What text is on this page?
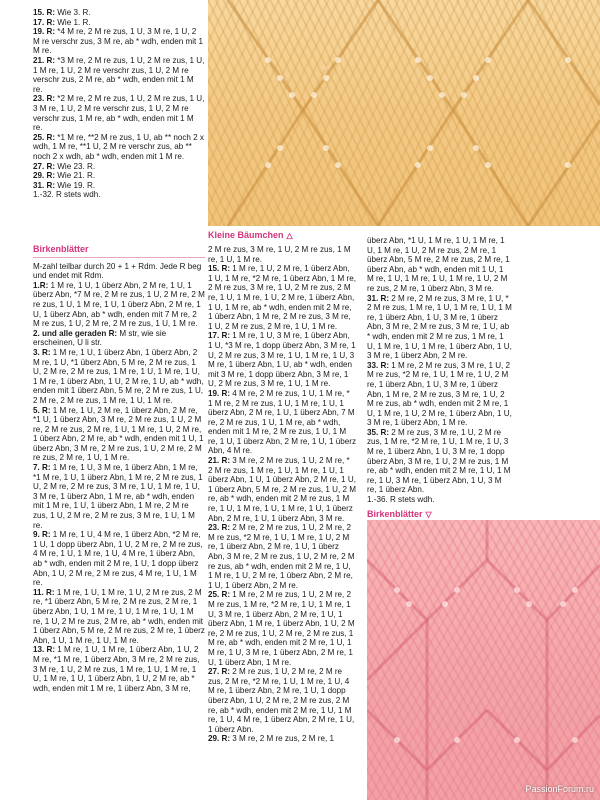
15. R: Wie 3. R.
17. R: Wie 1. R.
19. R: *4 M re, 2 M re zus, 1 U, 3 M re, 1 U, 2 M re verschr zus, 3 M re, ab * wdh, enden mit 1 M re.
21. R: *3 M re, 2 M re zus, 1 U, 2 M re zus, 1 U, 1 M re, 1 U, 2 M re verschr zus, 1 U, 2 M re verschr zus, 2 M re, ab * wdh, enden mit 1 M re.
23. R: *2 M re, 2 M re zus, 1 U, 2 M re zus, 1 U, 3 M re, 1 U, 2 M re verschr zus, 1 U, 2 M re verschr zus, 1 M re, ab * wdh, enden mit 1 M re.
25. R: *1 M re, **2 M re zus, 1 U, ab ** noch 2 x wdh, 1 M re, **1 U, 2 M re verschr zus, ab ** noch 2 x wdh, ab * wdh, enden mit 1 M re.
27. R: Wie 23. R.
29. R: Wie 21. R.
31. R: Wie 19. R.
1.-32. R stets wdh.
Birkenblätter
M-zahl teilbar durch 20 + 1 + Rdm. Jede R beg und endet mit Rdm.
1.R: 1 M re, 1 U, 1 überz Abn, 2 M re, 1 U, 1 überz Abn, *7 M re, 2 M re zus, 1 U, 2 M re, 2 M re zus, 1 U, 1 M re, 1 U, 1 überz Abn, 2 M re, 1 U, 1 überz Abn, ab * wdh, enden mit 7 M re, 2 M re zus, 1 U, 2 M re, 2 M re zus, 1 U, 1 M re.
2. und alle geraden R: M str, wie sie erscheinen, U li str.
3. R: 1 M re, 1 U, 1 überz Abn, 1 überz Abn, 2 M re, 1 U, *1 überz Abn, 5 M re, 2 M re zus, 1 U, 2 M re, 2 M re zus, 1 M re, 1 U, 1 M re, 1 U, 1 M re, 1 überz Abn, 1 U, 2 M re, 1 U, ab * wdh, enden mit 1 überz Abn, 5 M re, 2 M re zus, 1 U, 2 M re, 2 M re zus, 1 M re, 1 U, 1 M re.
5. R: 1 M re, 1 U, 2 M re, 1 überz Abn, 2 M re, *1 U, 1 überz Abn, 3 M re, 2 M re zus, 1 U, 2 M re, 2 M re zus, 2 M re, 1 U, 1 M re, 1 U, 2 M re, 1 überz Abn, 2 M re, ab * wdh, enden mit 1 U, 1 überz Abn, 3 M re, 2 M re zus, 1 U, 2 M re, 2 M re zus, 2 M re, 1 U, 1 M re.
7. R: 1 M re, 1 U, 3 M re, 1 überz Abn, 1 M re, *1 M re, 1 U, 1 überz Abn, 1 M re, 2 M re zus, 1 U, 2 M re, 2 M re zus, 3 M re, 1 U, 1 M re, 1 U, 3 M re, 1 überz Abn, 1 M re, ab * wdh, enden mit 1 M re, 1 U, 1 überz Abn, 1 M re, 2 M re zus, 1 U, 2 M re, 2 M re zus, 3 M re, 1 U, 1 M re.
9. R: 1 M re, 1 U, 4 M re, 1 überz Abn, *2 M re, 1 U, 1 dopp überz Abn, 1 U, 2 M re, 2 M re zus, 4 M re, 1 U, 1 M re, 1 U, 4 M re, 1 überz Abn, ab * wdh, enden mit 2 M re, 1 U, 1 dopp überz Abn, 1 U, 2 M re, 2 M re zus, 4 M re, 1 U, 1 M re.
11. R: 1 M re, 1 U, 1 M re, 1 U, 2 M re zus, 2 M re, *1 überz Abn, 5 M re, 2 M re zus, 2 M re, 1 überz Abn, 1 U, 1 M re, 1 U, 1 M re, 1 U, 1 M re, 1 U, 2 M re zus, 2 M re, ab * wdh, enden mit 1 überz Abn, 5 M re, 2 M re zus, 2 M re, 1 überz Abn, 1 U, 1 M re, 1 U, 1 M re.
13. R: 1 M re, 1 U, 1 M re, 1 überz Abn, 1 U, 2 M re, *1 M re, 1 überz Abn, 3 M re, 2 M re zus, 3 M re, 1 U, 2 M re zus, 1 M re, 1 U, 1 M re, 1 U, 1 M re, 1 U, 1 überz Abn, 1 U, 2 M re, ab * wdh, enden mit 1 M re, 1 überz Abn, 3 M re,
Kleine Bäumchen △
2 M re zus, 3 M re, 1 U, 2 M re zus, 1 M re, 1 U, 1 M re.
15. R: 1 M re, 1 U, 2 M re, 1 überz Abn, 1 U, 1 M re, *2 M re, 1 überz Abn, 1 M re, 2 M re zus, 3 M re, 1 U, 2 M re zus, 2 M re, 1 U, 1 M re, 1 U, 2 M re, 1 überz Abn, 1 U, 1 M re, ab * wdh, enden mit 2 M re, 1 überz Abn, 1 M re, 2 M re zus, 3 M re, 1 U, 2 M re zus, 2 M re, 1 U, 1 M re.
17. R: 1 M re, 1 U, 3 M re, 1 überz Abn, 1 U, *3 M re, 1 dopp überz Abn, 3 M re, 1 U, 2 M re zus, 3 M re, 1 U, 1 M re, 1 U, 3 M re, 1 überz Abn, 1 U, ab * wdh, enden mit 3 M re, 1 dopp überz Abn, 3 M re, 1 U, 2 M re zus, 3 M re, 1 U, 1 M re.
19. R: 4 M re, 2 M re zus, 1 U, 1 M re, * 1 M re, 2 M re zus, 1 U, 1 M re, 1 U, 1 überz Abn, 2 M re, 1 U, 1 überz Abn, 7 M re, 2 M re zus, 1 U, 1 M re, ab * wdh, enden mit 1 M re, 2 M re zus, 1 U, 1 M re, 1 U, 1 überz Abn, 2 M re, 1 U, 1 überz Abn, 4 M re.
21. R: 3 M re, 2 M re zus, 1 U, 2 M re, * 2 M re zus, 1 M re, 1 U, 1 M re, 1 U, 1 überz Abn, 1 U, 1 überz Abn, 2 M re, 1 U, 1 überz Abn, 5 M re, 2 M re zus, 1 U, 2 M re, ab * wdh, enden mit 2 M re zus, 1 M re, 1 U, 1 M re, 1 U, 1 M re, 1 U, 1 überz Abn, 2 M re, 1 U, 1 überz Abn, 3 M re.
23. R: 2 M re, 2 M re zus, 1 U, 2 M re, 2 M re zus, *2 M re, 1 U, 1 M re, 1 U, 2 M re, 1 überz Abn, 2 M re, 1 U, 1 überz Abn, 3 M re, 2 M re zus, 1 U, 2 M re, 2 M re zus, ab * wdh, enden mit 2 M re, 1 U, 1 M re, 1 U, 2 M re, 1 überz Abn, 2 M re, 1 U, 1 überz Abn, 2 M re.
25. R: 1 M re, 2 M re zus, 1 U, 2 M re, 2 M re zus, 1 M re, *2 M re, 1 U, 1 M re, 1 U, 3 M re, 1 überz Abn, 2 M re, 1 U, 1 überz Abn, 1 M re, 1 überz Abn, 1 U, 2 M re, 2 M re zus, 1 U, 2 M re, 2 M re zus, 1 M re, ab * wdh, enden mit 2 M re, 1 U, 1 M re, 1 U, 3 M re, 1 überz Abn, 2 M re, 1 U, 1 überz Abn, 1 M re.
27. R: 2 M re zus, 1 U, 2 M re, 2 M re zus, 2 M re, *2 M re, 1 U, 1 M re, 1 U, 4 M re, 1 überz Abn, 2 M re, 1 U, 1 dopp überz Abn, 1 U, 2 M re, 2 M re zus, 2 M re, ab * wdh, enden mit 2 M re, 1 U, 1 M re, 1 U, 4 M re, 1 überz Abn, 2 M re, 1 U, 1 überz Abn.
29. R: 3 M re, 2 M re zus, 2 M re, 1
überz Abn, *1 U, 1 M re, 1 U, 1 M re, 1 U, 1 M re, 1 U, 2 M re zus, 2 M re, 1 überz Abn, 5 M re, 2 M re zus, 2 M re, 1 überz Abn, ab * wdh, enden mit 1 U, 1 M re, 1 U, 1 M re, 1 U, 1 M re, 1 U, 2 M re zus, 2 M re, 1 überz Abn, 3 M re.
31. R: 2 M re, 2 M re zus, 3 M re, 1 U, * 2 M re zus, 1 M re, 1 U, 1 M re, 1 U, 1 M re, 1 überz Abn, 1 U, 3 M re, 1 überz Abn, 3 M re, 2 M re zus, 3 M re, 1 U, ab * wdh, enden mit 2 M re zus, 1 M re, 1 U, 1 M re, 1 U, 1 M re, 1 überz Abn, 1 U, 3 M re, 1 überz Abn, 2 M re.
33. R: 1 M re, 2 M re zus, 3 M re, 1 U, 2 M re zus, *2 M re, 1 U, 1 M re, 1 U, 2 M re, 1 überz Abn, 1 U, 3 M re, 1 überz Abn, 1 M re, 2 M re zus, 3 M re, 1 U, 2 M re zus, ab * wdh, enden mit 2 M re, 1 U, 1 M re, 1 U, 2 M re, 1 überz Abn, 1 U, 3 M re, 1 überz Abn, 1 M re.
35. R: 2 M re zus, 3 M re, 1 U, 2 M re zus, 1 M re, *2 M re, 1 U, 1 M re, 1 U, 3 M re, 1 überz Abn, 1 U, 3 M re, 1 dopp überz Abn, 3 M re, 1 U, 2 M re zus, 1 M re, ab * wdh, enden mit 2 M re, 1 U, 1 M re, 1 U, 3 M re, 1 überz Abn, 1 U, 3 M re, 1 überz Abn.
1.-36. R stets wdh.
Birkenblätter ▽
PassionForum.ru
